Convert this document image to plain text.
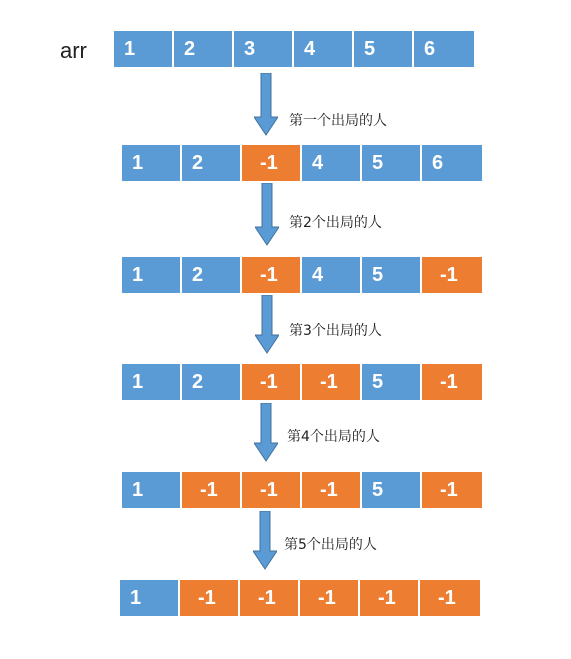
arr	1	2	3	4	5	6
1	2	-1	4	5	6
1	2	-1	4	5	-1
1	2	-1	-1	5	-1
1	-1	-1	-1	5	-1
1	-1	-1	-1	-1	-1
第一个出局的人
第2个出局的人
第3个出局的人
第4个出局的人
第5个出局的人
